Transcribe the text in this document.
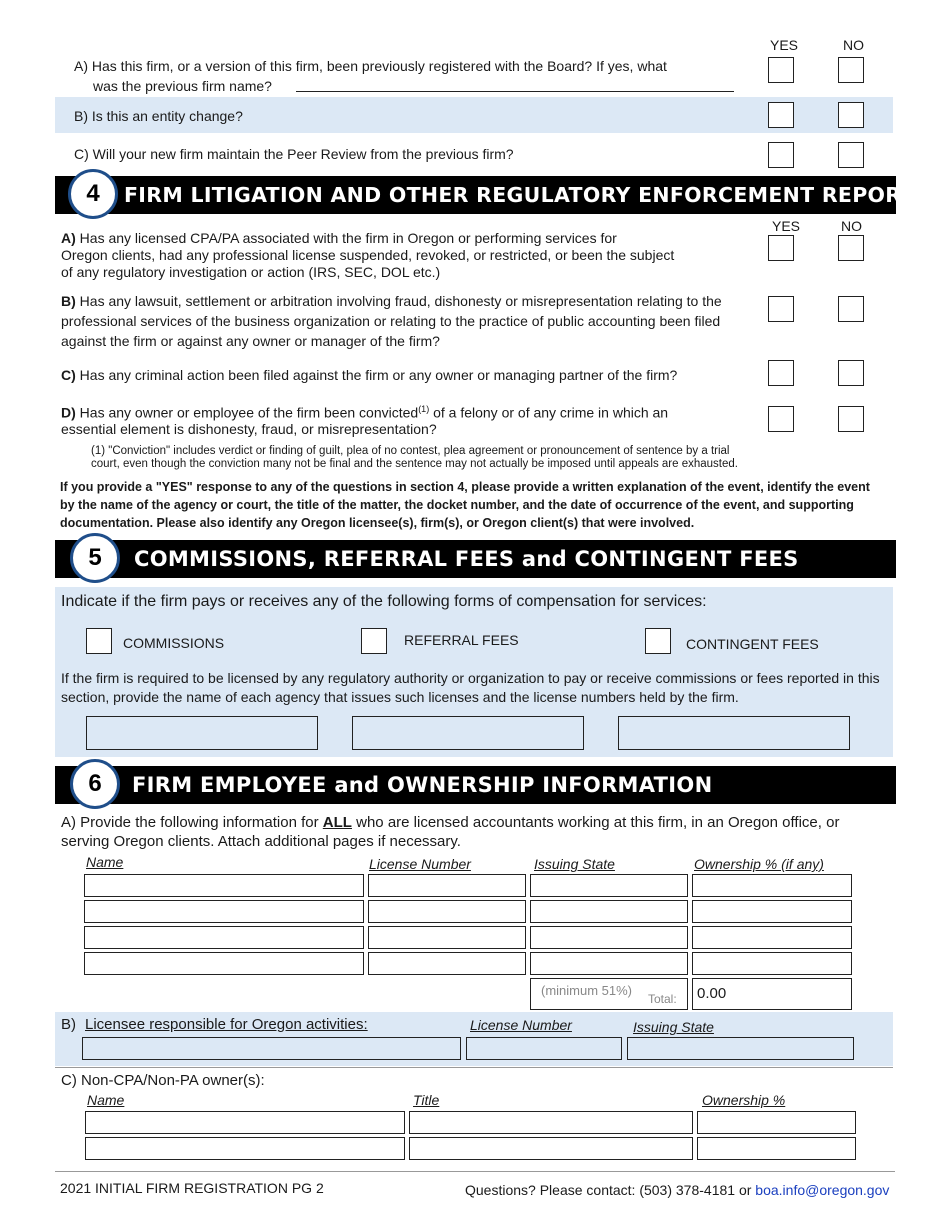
YES	NO
A) Has this firm, or a version of this firm, been previously registered with the Board? If yes, what
was the previous firm name?
B) Is this an entity change?
C) Will your new firm maintain the Peer Review from the previous firm?
4	FIRM LITIGATION AND OTHER REGULATORY ENFORCEMENT REPORT
YES	NO
A) Has any licensed CPA/PA associated with the firm in Oregon or performing services for
Oregon clients, had any professional license suspended, revoked, or restricted, or been the subject
of any regulatory investigation or action (IRS, SEC, DOL etc.)
B) Has any lawsuit, settlement or arbitration involving fraud, dishonesty or misrepresentation relating to the
professional services of the business organization or relating to the practice of public accounting been filed
against the firm or against any owner or manager of the firm?
C) Has any criminal action been filed against the firm or any owner or managing partner of the firm?
D) Has any owner or employee of the firm been convicted$^{(1)}$ of a felony or of any crime in which an
essential element is dishonesty, fraud, or misrepresentation?
(1) "Conviction" includes verdict or finding of guilt, plea of no contest, plea agreement or pronouncement of sentence by a trial
court, even though the conviction many not be final and the sentence may not actually be imposed until appeals are exhausted.
If you provide a "YES" response to any of the questions in section 4, please provide a written explanation of the event, identify the event
by the name of the agency or court, the title of the matter, the docket number, and the date of occurrence of the event, and supporting
documentation. Please also identify any Oregon licensee(s), firm(s), or Oregon client(s) that were involved.
5	COMMISSIONS, REFERRAL FEES and CONTINGENT FEES
Indicate if the firm pays or receives any of the following forms of compensation for services:
COMMISSIONS	REFERRAL FEES	CONTINGENT FEES
If the firm is required to be licensed by any regulatory authority or organization to pay or receive commissions or fees reported in this
section, provide the name of each agency that issues such licenses and the license numbers held by the firm.
6	FIRM EMPLOYEE and OWNERSHIP INFORMATION
A) Provide the following information for ALL who are licensed accountants working at this firm, in an Oregon office, or
serving Oregon clients. Attach additional pages if necessary.
Name	License Number	Issuing State	Ownership % (if any)
(minimum 51%)
Total: 0.00
B) Licensee responsible for Oregon activities:	License Number	Issuing State
C) Non-CPA/Non-PA owner(s):
Name	Title	Ownership %
2021 INITIAL FIRM REGISTRATION PG 2	Questions? Please contact: (503) 378-4181 or boa.info@oregon.gov
